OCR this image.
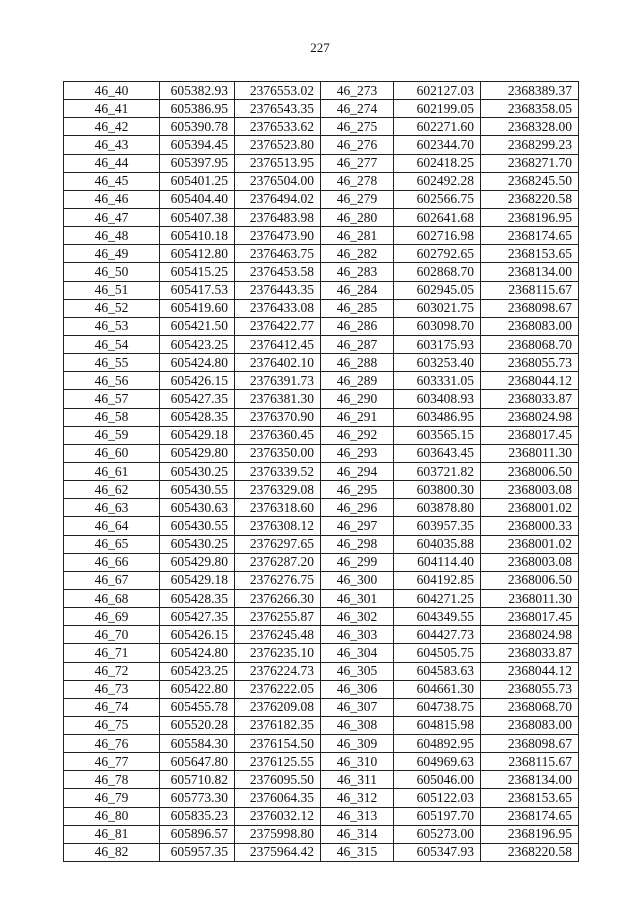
227
46_40	605382.93	2376553.02	46_273	602127.03	2368389.37
46_41	605386.95	2376543.35	46_274	602199.05	2368358.05
46_42	605390.78	2376533.62	46_275	602271.60	2368328.00
46_43	605394.45	2376523.80	46_276	602344.70	2368299.23
46_44	605397.95	2376513.95	46_277	602418.25	2368271.70
46_45	605401.25	2376504.00	46_278	602492.28	2368245.50
46_46	605404.40	2376494.02	46_279	602566.75	2368220.58
46_47	605407.38	2376483.98	46_280	602641.68	2368196.95
46_48	605410.18	2376473.90	46_281	602716.98	2368174.65
46_49	605412.80	2376463.75	46_282	602792.65	2368153.65
46_50	605415.25	2376453.58	46_283	602868.70	2368134.00
46_51	605417.53	2376443.35	46_284	602945.05	2368115.67
46_52	605419.60	2376433.08	46_285	603021.75	2368098.67
46_53	605421.50	2376422.77	46_286	603098.70	2368083.00
46_54	605423.25	2376412.45	46_287	603175.93	2368068.70
46_55	605424.80	2376402.10	46_288	603253.40	2368055.73
46_56	605426.15	2376391.73	46_289	603331.05	2368044.12
46_57	605427.35	2376381.30	46_290	603408.93	2368033.87
46_58	605428.35	2376370.90	46_291	603486.95	2368024.98
46_59	605429.18	2376360.45	46_292	603565.15	2368017.45
46_60	605429.80	2376350.00	46_293	603643.45	2368011.30
46_61	605430.25	2376339.52	46_294	603721.82	2368006.50
46_62	605430.55	2376329.08	46_295	603800.30	2368003.08
46_63	605430.63	2376318.60	46_296	603878.80	2368001.02
46_64	605430.55	2376308.12	46_297	603957.35	2368000.33
46_65	605430.25	2376297.65	46_298	604035.88	2368001.02
46_66	605429.80	2376287.20	46_299	604114.40	2368003.08
46_67	605429.18	2376276.75	46_300	604192.85	2368006.50
46_68	605428.35	2376266.30	46_301	604271.25	2368011.30
46_69	605427.35	2376255.87	46_302	604349.55	2368017.45
46_70	605426.15	2376245.48	46_303	604427.73	2368024.98
46_71	605424.80	2376235.10	46_304	604505.75	2368033.87
46_72	605423.25	2376224.73	46_305	604583.63	2368044.12
46_73	605422.80	2376222.05	46_306	604661.30	2368055.73
46_74	605455.78	2376209.08	46_307	604738.75	2368068.70
46_75	605520.28	2376182.35	46_308	604815.98	2368083.00
46_76	605584.30	2376154.50	46_309	604892.95	2368098.67
46_77	605647.80	2376125.55	46_310	604969.63	2368115.67
46_78	605710.82	2376095.50	46_311	605046.00	2368134.00
46_79	605773.30	2376064.35	46_312	605122.03	2368153.65
46_80	605835.23	2376032.12	46_313	605197.70	2368174.65
46_81	605896.57	2375998.80	46_314	605273.00	2368196.95
46_82	605957.35	2375964.42	46_315	605347.93	2368220.58
